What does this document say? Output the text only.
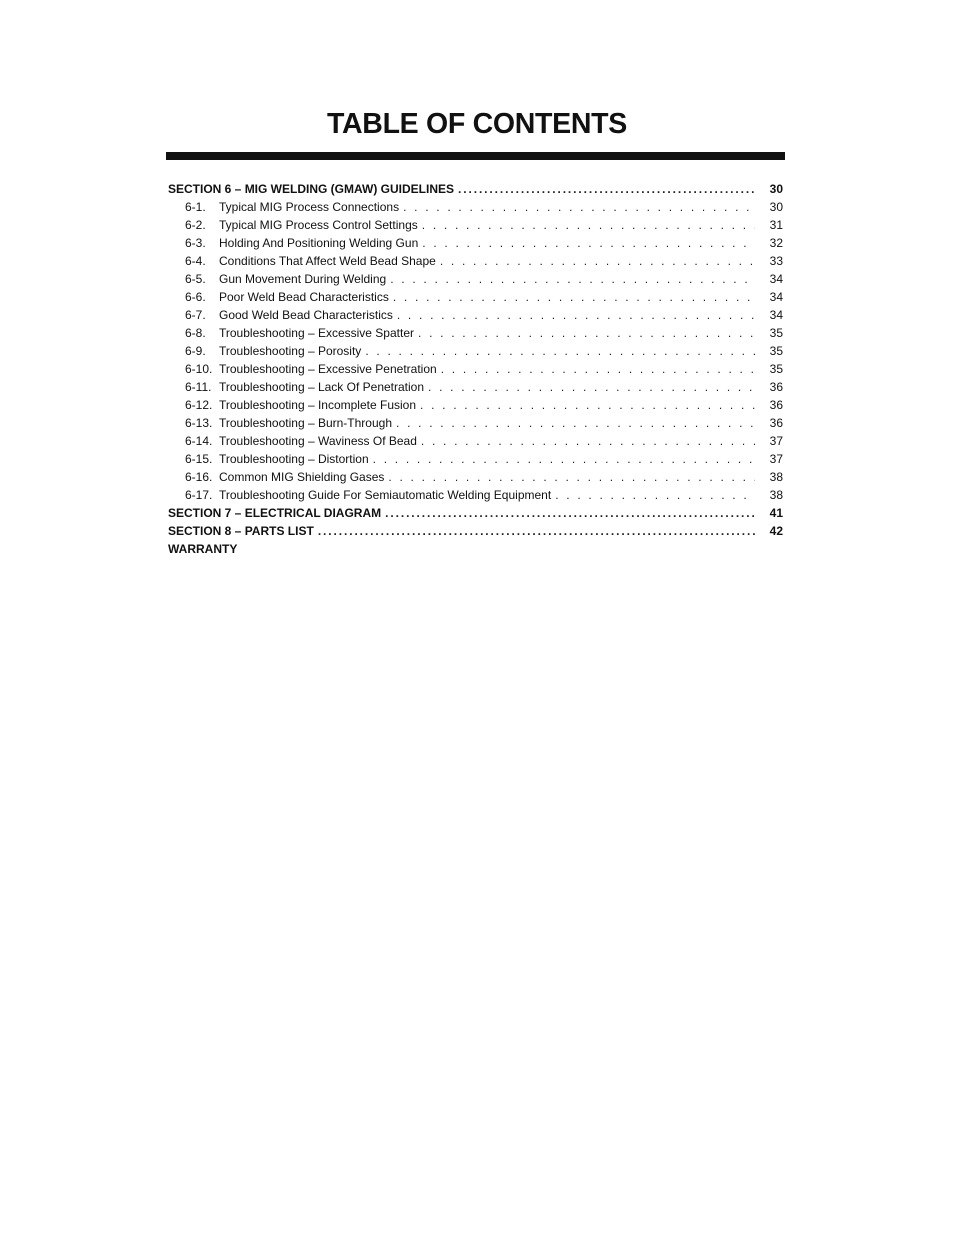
TABLE OF CONTENTS
SECTION 6 – MIG WELDING (GMAW) GUIDELINES .....	30
6-1.	Typical MIG Process Connections . . .	30
6-2.	Typical MIG Process Control Settings . . .	31
6-3.	Holding And Positioning Welding Gun . . .	32
6-4.	Conditions That Affect Weld Bead Shape . . .	33
6-5.	Gun Movement During Welding . . .	34
6-6.	Poor Weld Bead Characteristics . . .	34
6-7.	Good Weld Bead Characteristics . . .	34
6-8.	Troubleshooting – Excessive Spatter . . .	35
6-9.	Troubleshooting – Porosity . . .	35
6-10. Troubleshooting – Excessive Penetration . . .	35
6-11. Troubleshooting – Lack Of Penetration . . .	36
6-12. Troubleshooting – Incomplete Fusion . . .	36
6-13. Troubleshooting – Burn-Through . . .	36
6-14. Troubleshooting – Waviness Of Bead . . .	37
6-15. Troubleshooting – Distortion . . .	37
6-16. Common MIG Shielding Gases . . .	38
6-17. Troubleshooting Guide For Semiautomatic Welding Equipment . . .	38
SECTION 7 – ELECTRICAL DIAGRAM .....	41
SECTION 8 – PARTS LIST .....	42
WARRANTY
